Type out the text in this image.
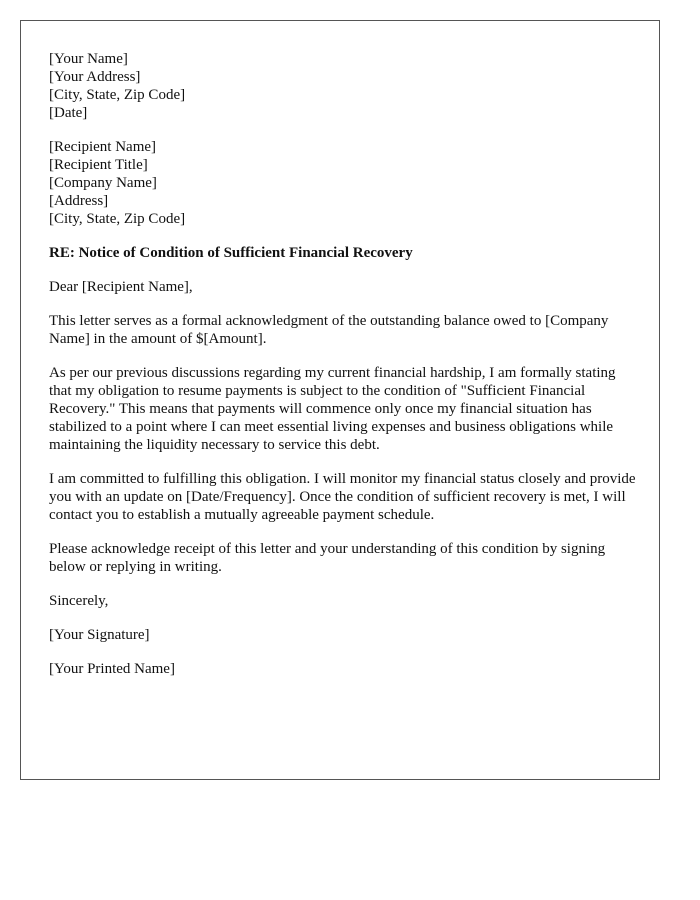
[Your Name]
[Your Address]
[City, State, Zip Code]
[Date]
[Recipient Name]
[Recipient Title]
[Company Name]
[Address]
[City, State, Zip Code]

RE: Notice of Condition of Sufficient Financial Recovery

Dear [Recipient Name],

This letter serves as a formal acknowledgment of the outstanding balance owed to [Company Name] in the amount of $[Amount].

As per our previous discussions regarding my current financial hardship, I am formally stating that my obligation to resume payments is subject to the condition of "Sufficient Financial Recovery." This means that payments will commence only once my financial situation has stabilized to a point where I can meet essential living expenses and business obligations while maintaining the liquidity necessary to service this debt.

I am committed to fulfilling this obligation. I will monitor my financial status closely and provide you with an update on [Date/Frequency]. Once the condition of sufficient recovery is met, I will contact you to establish a mutually agreeable payment schedule.

Please acknowledge receipt of this letter and your understanding of this condition by signing below or replying in writing.

Sincerely,

[Your Signature]

[Your Printed Name]
